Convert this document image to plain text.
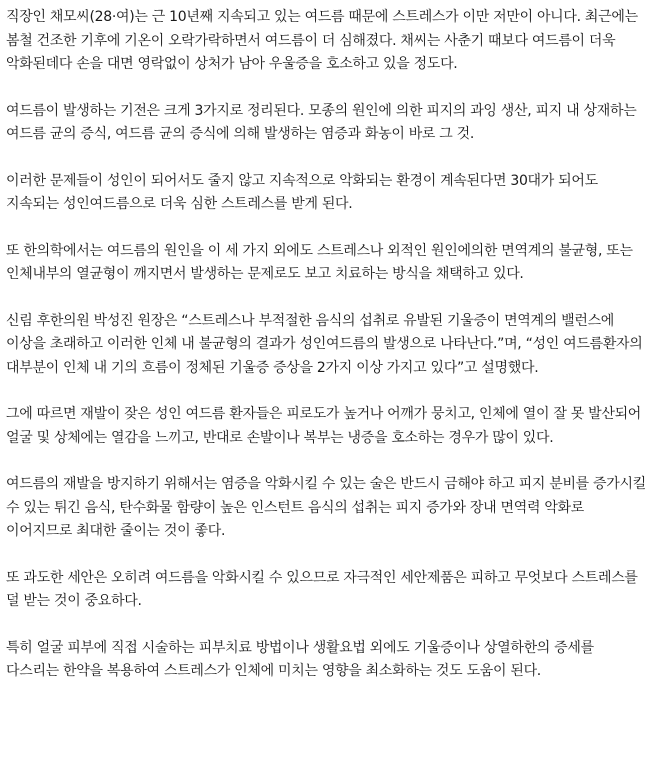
직장인 채모씨(28·여)는 근 10년째 지속되고 있는 여드름 때문에 스트레스가 이만 저만이 아니다. 최근에는 봄철 건조한 기후에 기온이 오락가락하면서 여드름이 더 심해졌다. 채씨는 사춘기 때보다 여드름이 더욱 악화된데다 손을 대면 영락없이 상처가 남아 우울증을 호소하고 있을 정도다.

여드름이 발생하는 기전은 크게 3가지로 정리된다. 모종의 원인에 의한 피지의 과잉 생산, 피지 내 상재하는 여드름 균의 증식, 여드름 균의 증식에 의해 발생하는 염증과 화농이 바로 그 것.

이러한 문제들이 성인이 되어서도 줄지 않고 지속적으로 악화되는 환경이 계속된다면 30대가 되어도 지속되는 성인여드름으로 더욱 심한 스트레스를 받게 된다.

또 한의학에서는 여드름의 원인을 이 세 가지 외에도 스트레스나 외적인 원인에의한 면역계의 불균형, 또는 인체내부의 열균형이 깨지면서 발생하는 문제로도 보고 치료하는 방식을 채택하고 있다.

신림 후한의원 박성진 원장은 “스트레스나 부적절한 음식의 섭취로 유발된 기울증이 면역계의 밸런스에 이상을 초래하고 이러한 인체 내 불균형의 결과가 성인여드름의 발생으로 나타난다.”며, “성인 여드름환자의 대부분이 인체 내 기의 흐름이 정체된 기울증 증상을 2가지 이상 가지고 있다”고 설명했다.

그에 따르면 재발이 잦은 성인 여드름 환자들은 피로도가 높거나 어깨가 뭉치고, 인체에 열이 잘 못 발산되어 얼굴 및 상체에는 열감을 느끼고, 반대로 손발이나 복부는 냉증을 호소하는 경우가 많이 있다.

여드름의 재발을 방지하기 위해서는 염증을 악화시킬 수 있는 술은 반드시 금해야 하고 피지 분비를 증가시킬 수 있는 튀긴 음식, 탄수화물 함량이 높은 인스턴트 음식의 섭취는 피지 증가와 장내 면역력 악화로 이어지므로 최대한 줄이는 것이 좋다.

또 과도한 세안은 오히려 여드름을 악화시킬 수 있으므로 자극적인 세안제품은 피하고 무엇보다 스트레스를 덜 받는 것이 중요하다.

특히 얼굴 피부에 직접 시술하는 피부치료 방법이나 생활요법 외에도 기울증이나 상열하한의 증세를 다스리는 한약을 복용하여 스트레스가 인체에 미치는 영향을 최소화하는 것도 도움이 된다.
